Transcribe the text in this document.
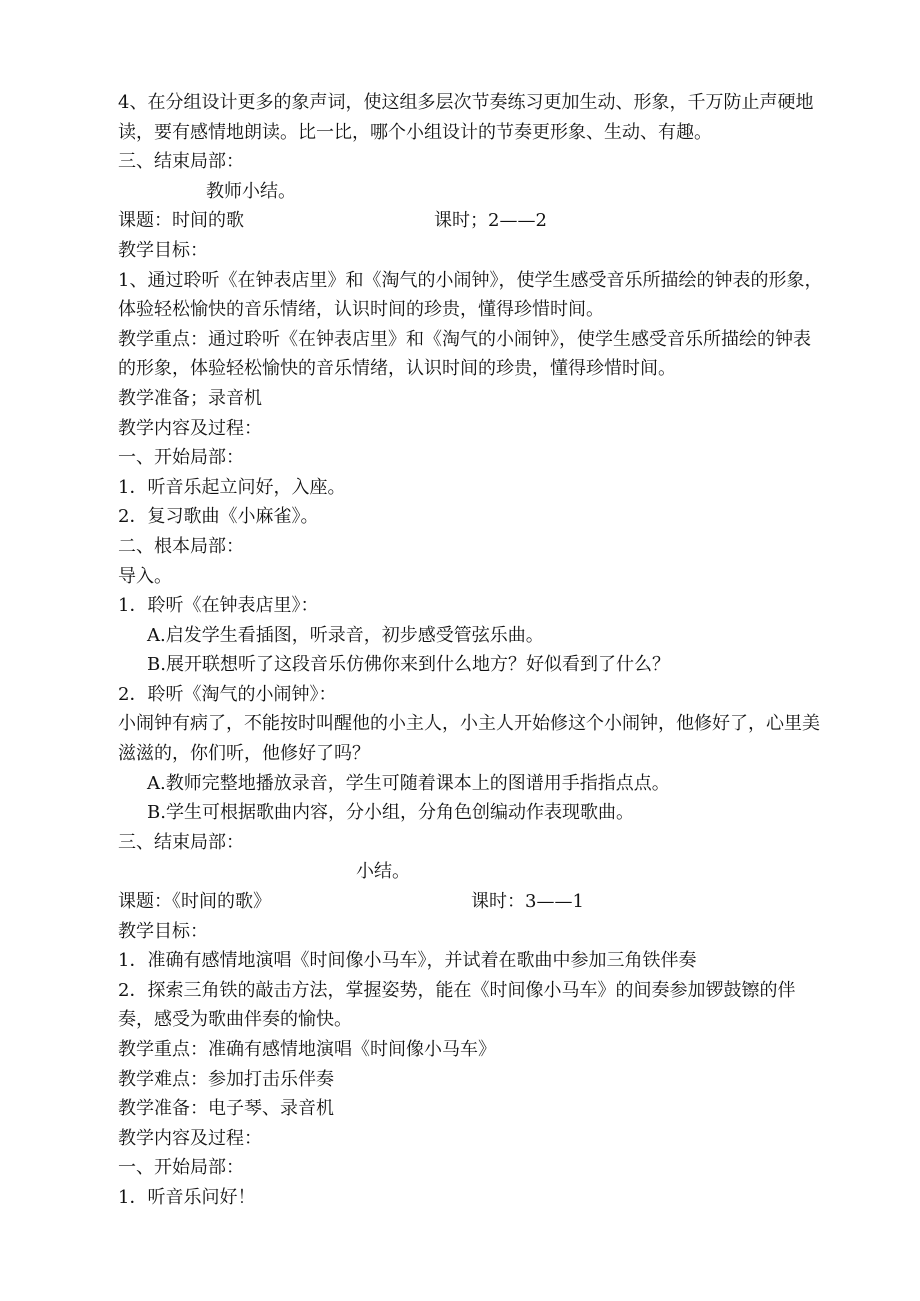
4、在分组设计更多的象声词，使这组多层次节奏练习更加生动、形象，千万防止声硬地读，要有感情地朗读。比一比，哪个小组设计的节奏更形象、生动、有趣。
三、结束局部：
教师小结。
课题：时间的歌	课时；2——2
教学目标：
1、通过聆听《在钟表店里》和《淘气的小闹钟》，使学生感受音乐所描绘的钟表的形象，体验轻松愉快的音乐情绪，认识时间的珍贵，懂得珍惜时间。
教学重点：通过聆听《在钟表店里》和《淘气的小闹钟》，使学生感受音乐所描绘的钟表的形象，体验轻松愉快的音乐情绪，认识时间的珍贵，懂得珍惜时间。
教学准备；录音机
教学内容及过程：
一、开始局部：
1．听音乐起立问好，入座。
2．复习歌曲《小麻雀》。
二、根本局部：
导入。
1．聆听《在钟表店里》：
A.启发学生看插图，听录音，初步感受管弦乐曲。
B.展开联想听了这段音乐仿佛你来到什么地方？好似看到了什么？
2．聆听《淘气的小闹钟》：
小闹钟有病了，不能按时叫醒他的小主人，小主人开始修这个小闹钟，他修好了，心里美滋滋的，你们听，他修好了吗？
A.教师完整地播放录音，学生可随着课本上的图谱用手指指点点。
B.学生可根据歌曲内容，分小组，分角色创编动作表现歌曲。
三、结束局部：
小结。
课题：《时间的歌》	课时：3——1
教学目标：
1．准确有感情地演唱《时间像小马车》，并试着在歌曲中参加三角铁伴奏
2．探索三角铁的敲击方法，掌握姿势，能在《时间像小马车》的间奏参加锣鼓镲的伴奏，感受为歌曲伴奏的愉快。
教学重点：准确有感情地演唱《时间像小马车》
教学难点：参加打击乐伴奏
教学准备：电子琴、录音机
教学内容及过程：
一、开始局部：
1．听音乐问好！
